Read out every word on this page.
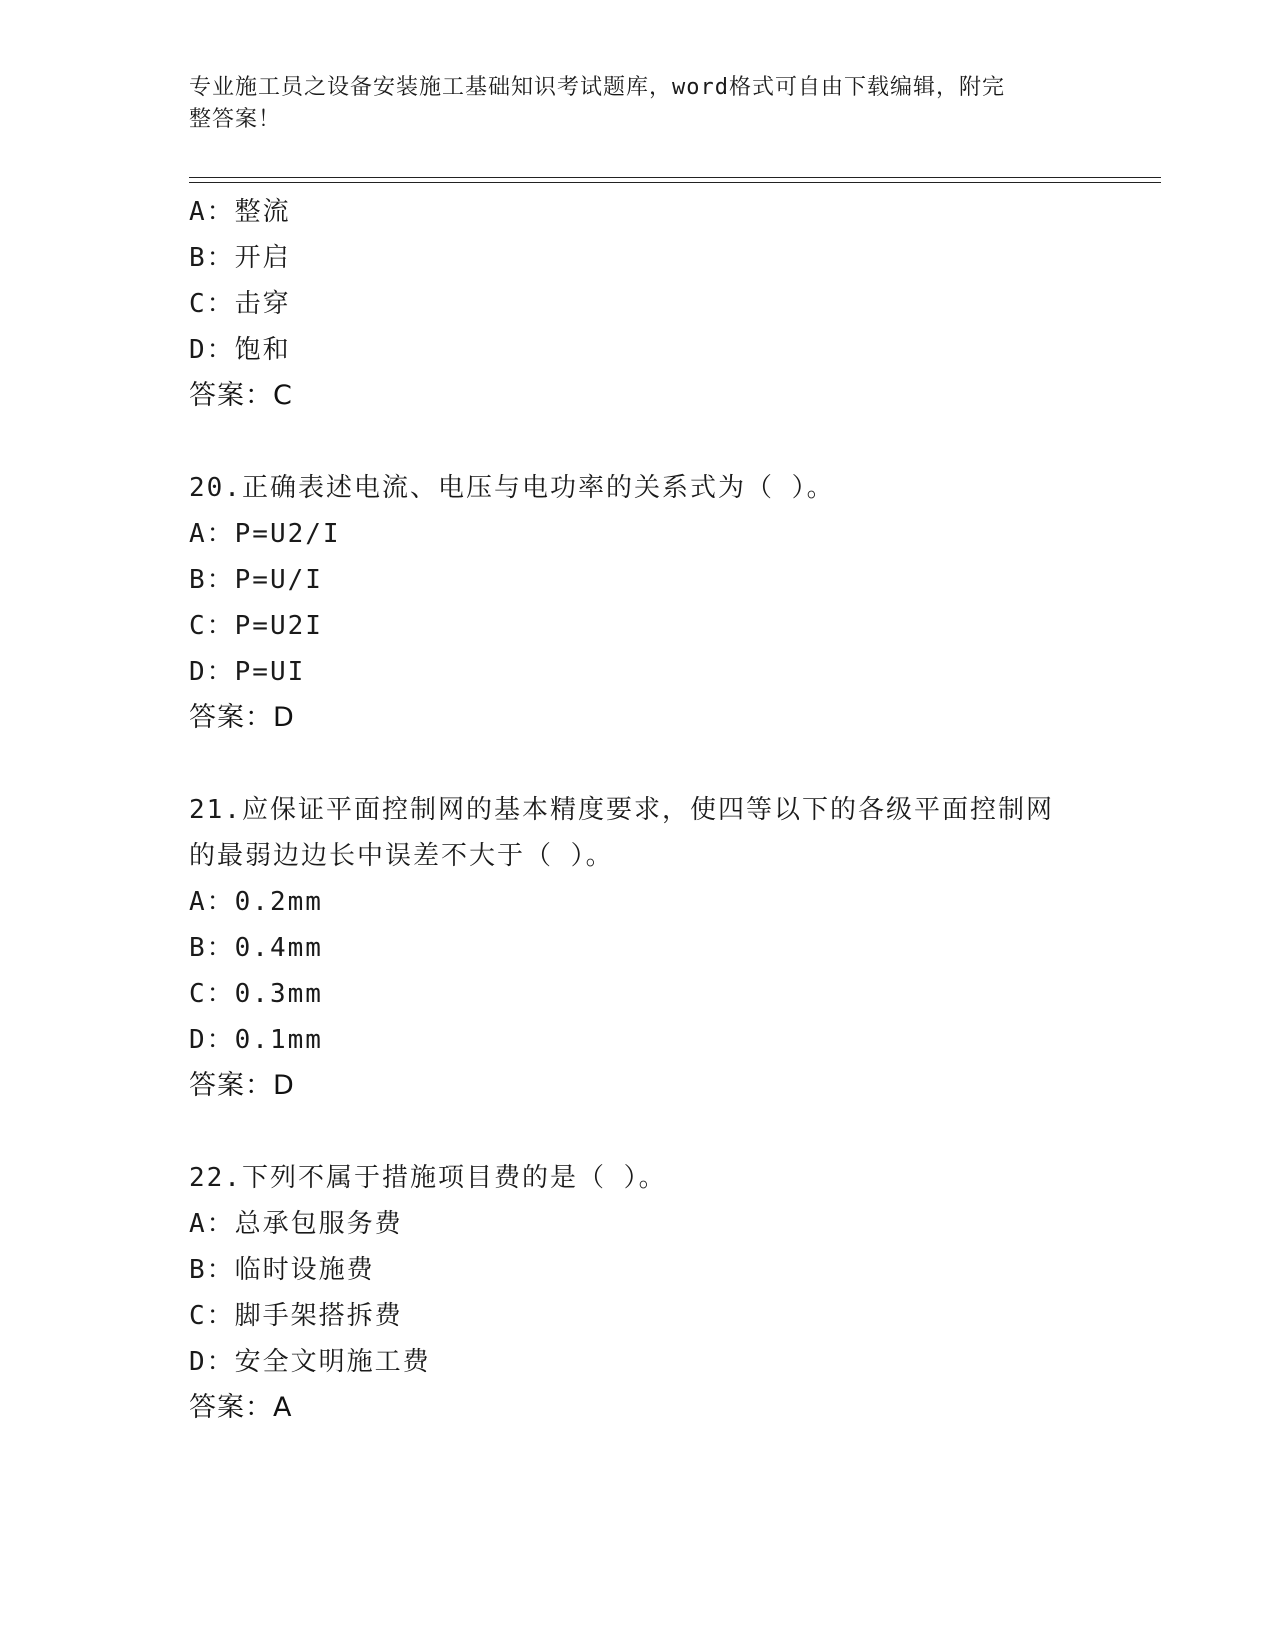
专业施工员之设备安装施工基础知识考试题库，word格式可自由下载编辑，附完
整答案！
A：整流
B：开启
C：击穿
D：饱和
答案：C
20.正确表述电流、电压与电功率的关系式为（ ）。
A：P=U2/I
B：P=U/I
C：P=U2I
D：P=UI
答案：D
21.应保证平面控制网的基本精度要求，使四等以下的各级平面控制网
的最弱边边长中误差不大于（ ）。
A：0.2mm
B：0.4mm
C：0.3mm
D：0.1mm
答案：D
22.下列不属于措施项目费的是（ ）。
A：总承包服务费
B：临时设施费
C：脚手架搭拆费
D：安全文明施工费
答案：A
